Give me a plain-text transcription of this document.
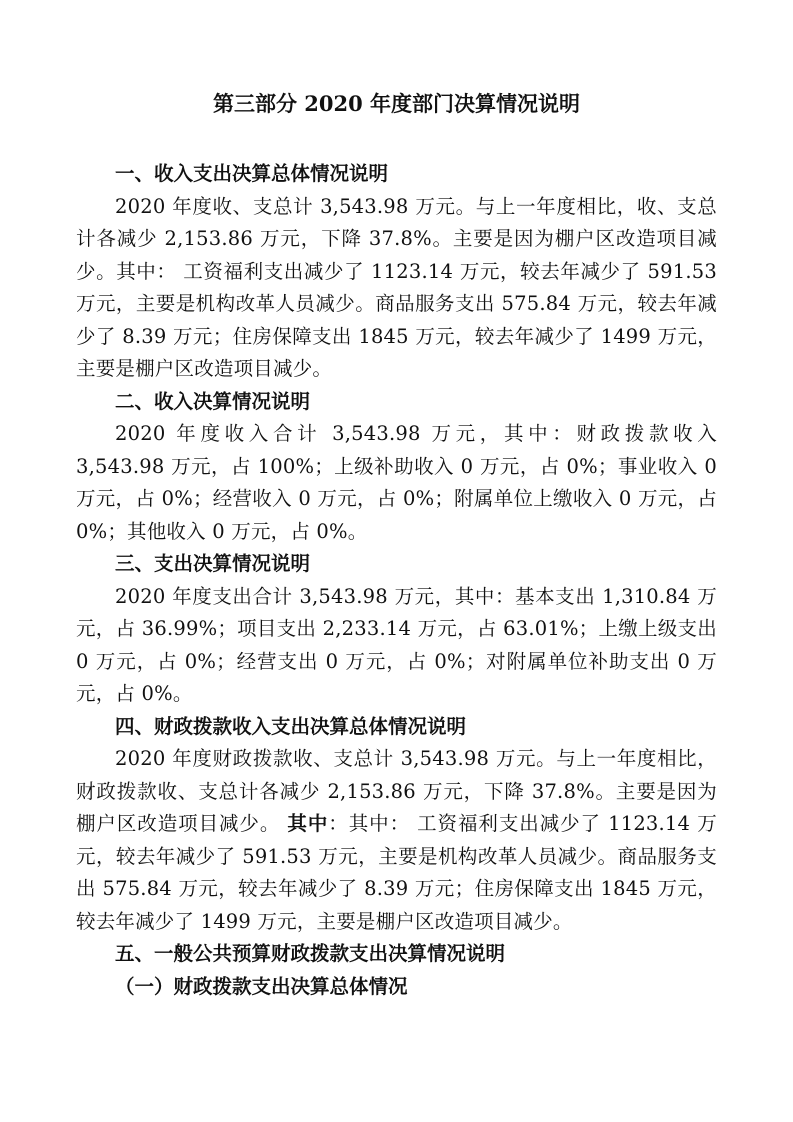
第三部分 2020 年度部门决算情况说明

一、收入支出决算总体情况说明

2020 年度收、支总计 3,543.98 万元。与上一年度相比，收、支总计各减少 2,153.86 万元，下降 37.8%。主要是因为棚户区改造项目减少。其中： 工资福利支出减少了 1123.14 万元，较去年减少了 591.53 万元，主要是机构改革人员减少。商品服务支出 575.84 万元，较去年减少了 8.39 万元；住房保障支出 1845 万元，较去年减少了 1499 万元，主要是棚户区改造项目减少。

二、收入决算情况说明

2020 年度收入合计 3,543.98 万元，其中：财政拨款收入 3,543.98 万元，占 100%；上级补助收入 0 万元，占 0%；事业收入 0 万元，占 0%；经营收入 0 万元，占 0%；附属单位上缴收入 0 万元，占 0%；其他收入 0 万元，占 0%。

三、支出决算情况说明

2020 年度支出合计 3,543.98 万元，其中：基本支出 1,310.84 万元，占 36.99%；项目支出 2,233.14 万元，占 63.01%；上缴上级支出 0 万元，占 0%；经营支出 0 万元，占 0%；对附属单位补助支出 0 万元，占 0%。

四、财政拨款收入支出决算总体情况说明

2020 年度财政拨款收、支总计 3,543.98 万元。与上一年度相比，财政拨款收、支总计各减少 2,153.86 万元，下降 37.8%。主要是因为棚户区改造项目减少。 其中：其中： 工资福利支出减少了 1123.14 万元，较去年减少了 591.53 万元，主要是机构改革人员减少。商品服务支出 575.84 万元，较去年减少了 8.39 万元；住房保障支出 1845 万元，较去年减少了 1499 万元，主要是棚户区改造项目减少。

五、一般公共预算财政拨款支出决算情况说明

（一）财政拨款支出决算总体情况
